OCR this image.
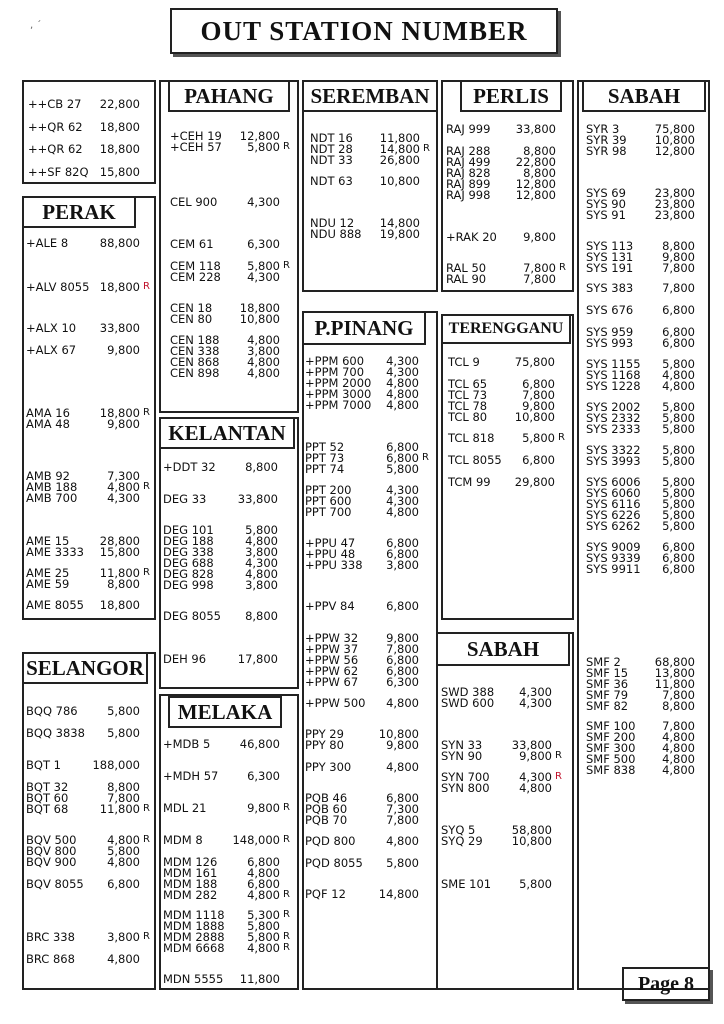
, ´	OUT STATION NUMBER
PERAK
SELANGOR
PAHANG
KELANTAN
MELAKA
SEREMBAN
P.PINANG
PERLIS
TERENGGANU
SABAH
SABAH
++CB 27 22,800
++QR 62 18,800
++QR 62 18,800
++SF 82Q 15,800
+ALE 8	88,800
+ALV 8055 18,800 R
+ALX 10 33,800
+ALX 67	9,800
AMA 16	18,800 R
AMA 48	9,800
AMB 92	7,300
AMB 188	4,800 R
AMB 700	4,300
AME 15	28,800
AME 3333 15,800
AME 25	11,800 R
AME 59	8,800
AME 8055 18,800
BQQ 786	5,800
BQQ 3838 5,800
BQT 1	188,000
BQT 32	8,800
BQT 60	7,800
BQT 68	11,800 R
BQV 500	4,800 R
BQV 800	5,800
BQV 900	4,800
BQV 8055 6,800
BRC 338	3,800 R
BRC 868	4,800
+CEH 19 12,800
+CEH 57 5,800 R
CEL 900	4,300
CEM 61	6,300
CEM 118 5,800 R
CEM 228 4,300
CEN 18 18,800
CEN 80 10,800
CEN 188 4,800
CEN 338 3,800
CEN 868 4,800
CEN 898 4,800
+DDT 32	8,800
DEG 33	33,800
DEG 101	5,800
DEG 188	4,800
DEG 338	3,800
DEG 688	4,300
DEG 828	4,800
DEG 998	3,800
DEG 8055 8,800
DEH 96	17,800
+MDB 5	46,800
+MDH 57 6,300
MDL 21	9,800 R
MDM 8	148,000 R
MDM 126	6,800
MDM 161	4,800
MDM 188	6,800
MDM 282	4,800 R
MDM 1118 5,300 R
MDM 1888 5,800
MDM 2888 5,800 R
MDM 6668 4,800 R
MDN 5555 11,800
NDT 16 11,800
NDT 28 14,800 R
NDT 33 26,800
NDT 63 10,800
NDU 12 14,800
NDU 888 19,800
+PPM 600 4,300
+PPM 700 4,300
+PPM 2000 4,800
+PPM 3000 4,800
+PPM 7000 4,800
PPT 52	6,800
PPT 73	6,800 R
PPT 74	5,800
PPT 200	4,300
PPT 600	4,300
PPT 700	4,800
+PPU 47	6,800
+PPU 48	6,800
+PPU 338 3,800
+PPV 84	6,800
+PPW 32 9,800
+PPW 37 7,800
+PPW 56 6,800
+PPW 62 6,800
+PPW 67 6,300
+PPW 500 4,800
PPY 29	10,800
PPY 80	9,800
PPY 300	4,800
PQB 46	6,800
PQB 60	7,300
PQB 70	7,800
PQD 800	4,800
PQD 8055 5,800
PQF 12	14,800
RAJ 999 33,800
RAJ 288	8,800
RAJ 499 22,800
RAJ 828	8,800
RAJ 899 12,800
RAJ 998 12,800
+RAK 20 9,800
RAL 50	7,800 R
RAL 90	7,800
TCL 9	75,800
TCL 65	6,800
TCL 73	7,800
TCL 78	9,800
TCL 80 10,800
TCL 818 5,800 R
TCL 8055 6,800
TCM 99 29,800
SWD 388 4,300
SWD 600 4,300
SYN 33	33,800
SYN 90	9,800 R
SYN 700	4,300 R
SYN 800	4,800
SYQ 5	58,800
SYQ 29	10,800
SME 101 5,800
SYR 3	75,800
SYR 39 10,800
SYR 98 12,800
SYS 69	23,800
SYS 90	23,800
SYS 91	23,800
SYS 113	8,800
SYS 131	9,800
SYS 191	7,800
SYS 383	7,800
SYS 676	6,800
SYS 959	6,800
SYS 993	6,800
SYS 1155 5,800
SYS 1168 4,800
SYS 1228 4,800
SYS 2002 5,800
SYS 2332 5,800
SYS 2333 5,800
SYS 3322 5,800
SYS 3993 5,800
SYS 6006 5,800
SYS 6060 5,800
SYS 6116 5,800
SYS 6226 5,800
SYS 6262 5,800
SYS 9009 6,800
SYS 9339 6,800
SYS 9911 6,800
SMF 2	68,800
SMF 15 13,800
SMF 36 11,800
SMF 79	7,800
SMF 82	8,800
SMF 100 7,800
SMF 200 4,800
SMF 300 4,800
SMF 500 4,800
SMF 838 4,800
Page 8
